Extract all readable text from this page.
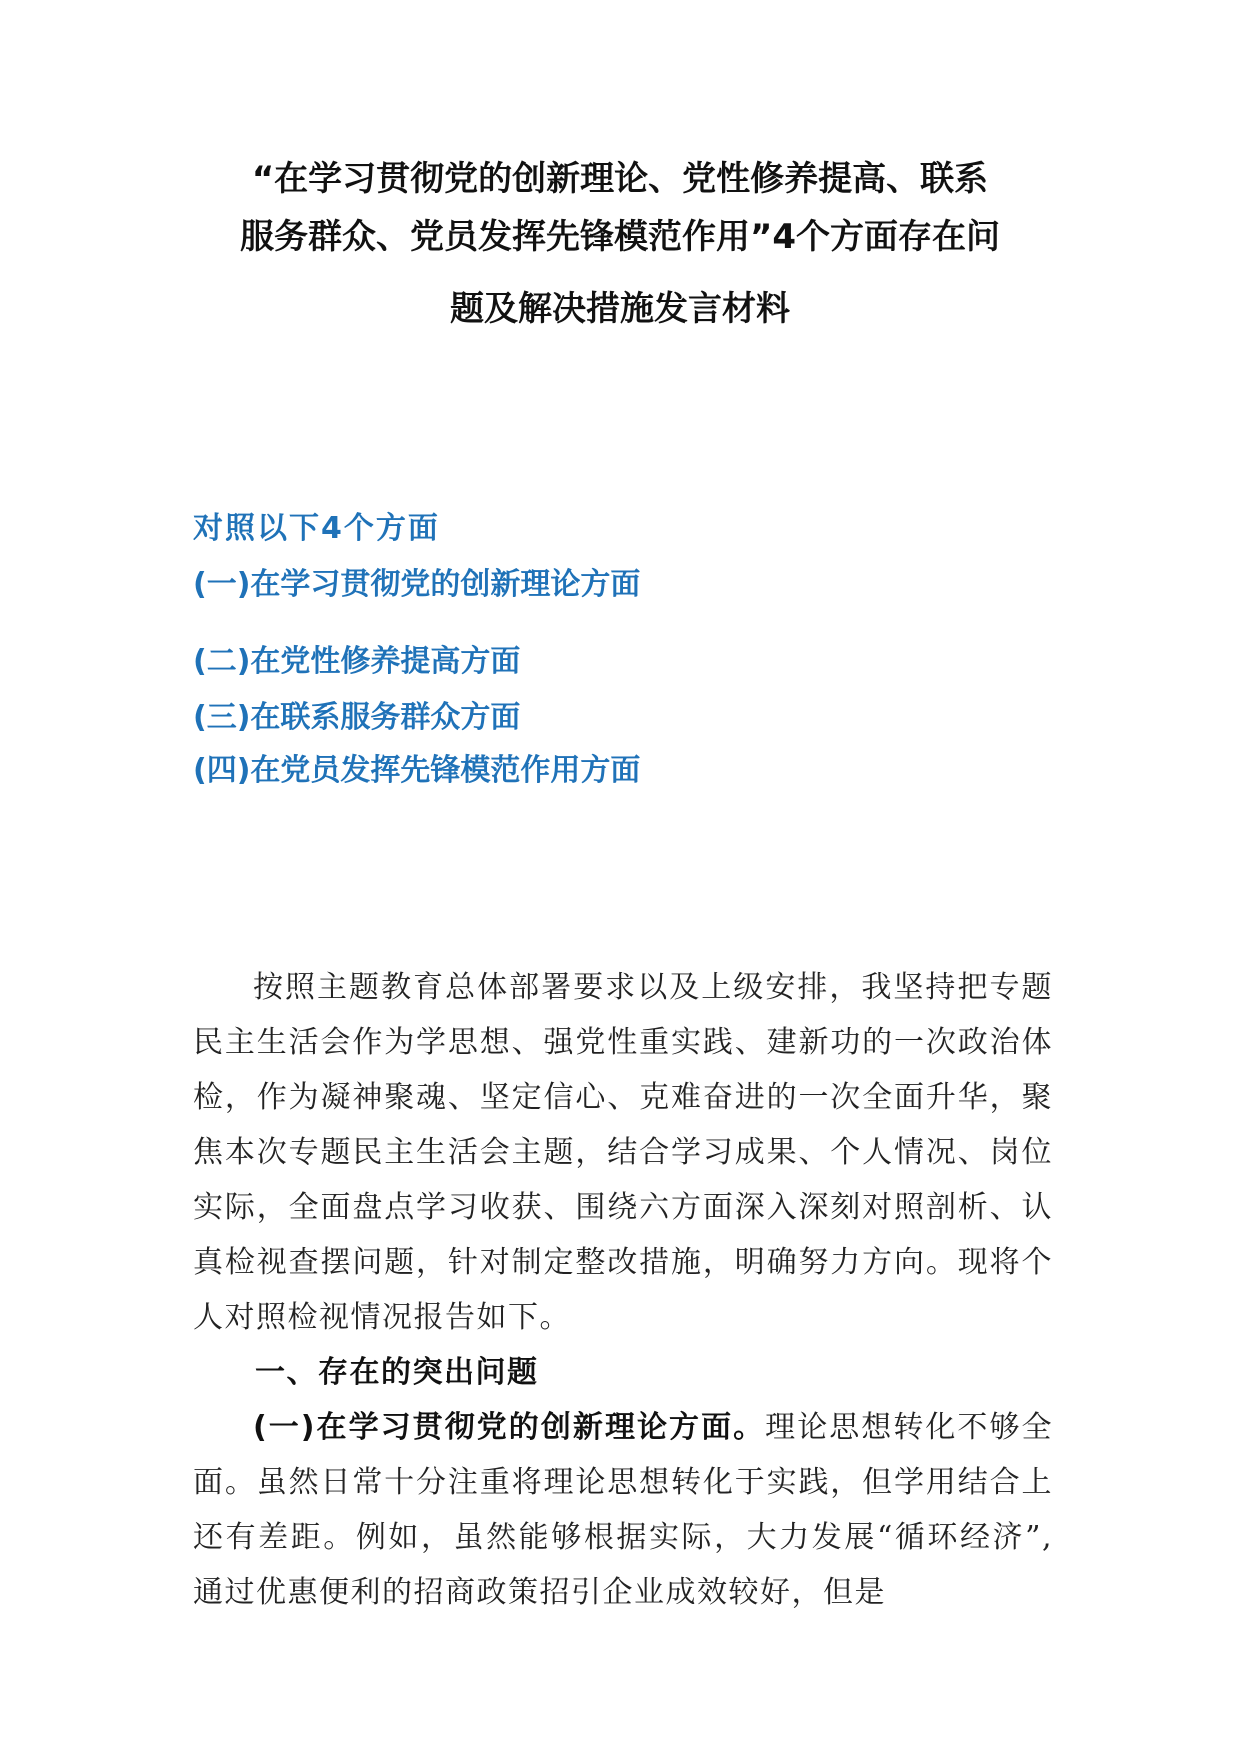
“在学习贯彻党的创新理论、党性修养提高、联系
服务群众、党员发挥先锋模范作用”4个方面存在问
题及解决措施发言材料
对照以下4个方面
(一)在学习贯彻党的创新理论方面
(二)在党性修养提高方面
(三)在联系服务群众方面
(四)在党员发挥先锋模范作用方面

按照主题教育总体部署要求以及上级安排，我坚持把专题民主生活会作为学思想、强党性重实践、建新功的一次政治体检，作为凝神聚魂、坚定信心、克难奋进的一次全面升华，聚焦本次专题民主生活会主题，结合学习成果、个人情况、岗位实际，全面盘点学习收获、围绕六方面深入深刻对照剖析、认真检视查摆问题，针对制定整改措施，明确努力方向。现将个人对照检视情况报告如下。

一、存在的突出问题

(一)在学习贯彻党的创新理论方面。理论思想转化不够全面。虽然日常十分注重将理论思想转化于实践，但学用结合上还有差距。例如，虽然能够根据实际，大力发展“循环经济”,通过优惠便利的招商政策招引企业成效较好，但是
